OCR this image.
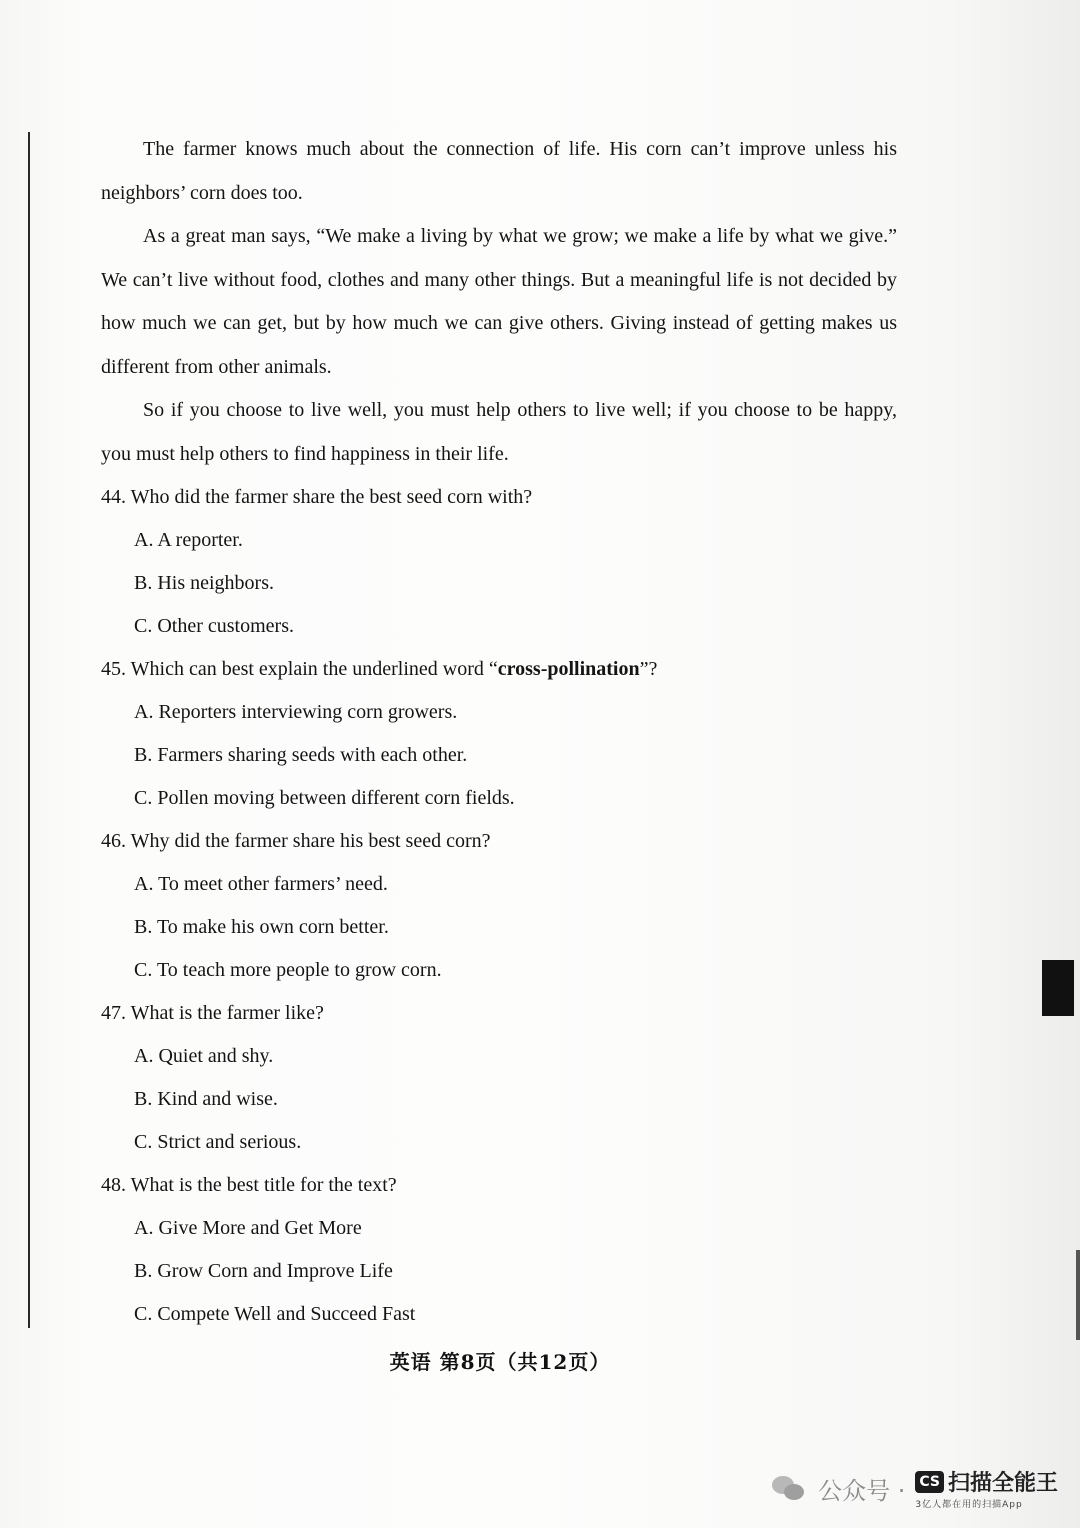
The farmer knows much about the connection of life. His corn can’t improve unless his neighbors’ corn does too.

As a great man says, “We make a living by what we grow; we make a life by what we give.” We can’t live without food, clothes and many other things. But a meaningful life is not decided by how much we can get, but by how much we can give others. Giving instead of getting makes us different from other animals.

So if you choose to live well, you must help others to live well; if you choose to be happy, you must help others to find happiness in their life.

44. Who did the farmer share the best seed corn with?

A. A reporter.

B. His neighbors.

C. Other customers.

45. Which can best explain the underlined word “cross-pollination”?

A. Reporters interviewing corn growers.

B. Farmers sharing seeds with each other.

C. Pollen moving between different corn fields.

46. Why did the farmer share his best seed corn?

A. To meet other farmers’ need.

B. To make his own corn better.

C. To teach more people to grow corn.

47. What is the farmer like?

A. Quiet and shy.

B. Kind and wise.

C. Strict and serious.

48. What is the best title for the text?

A. Give More and Get More

B. Grow Corn and Improve Life

C. Compete Well and Succeed Fast

英语 第8页（共12页）
公众号 · CS 扫描全能王
3亿人都在用的扫描App
